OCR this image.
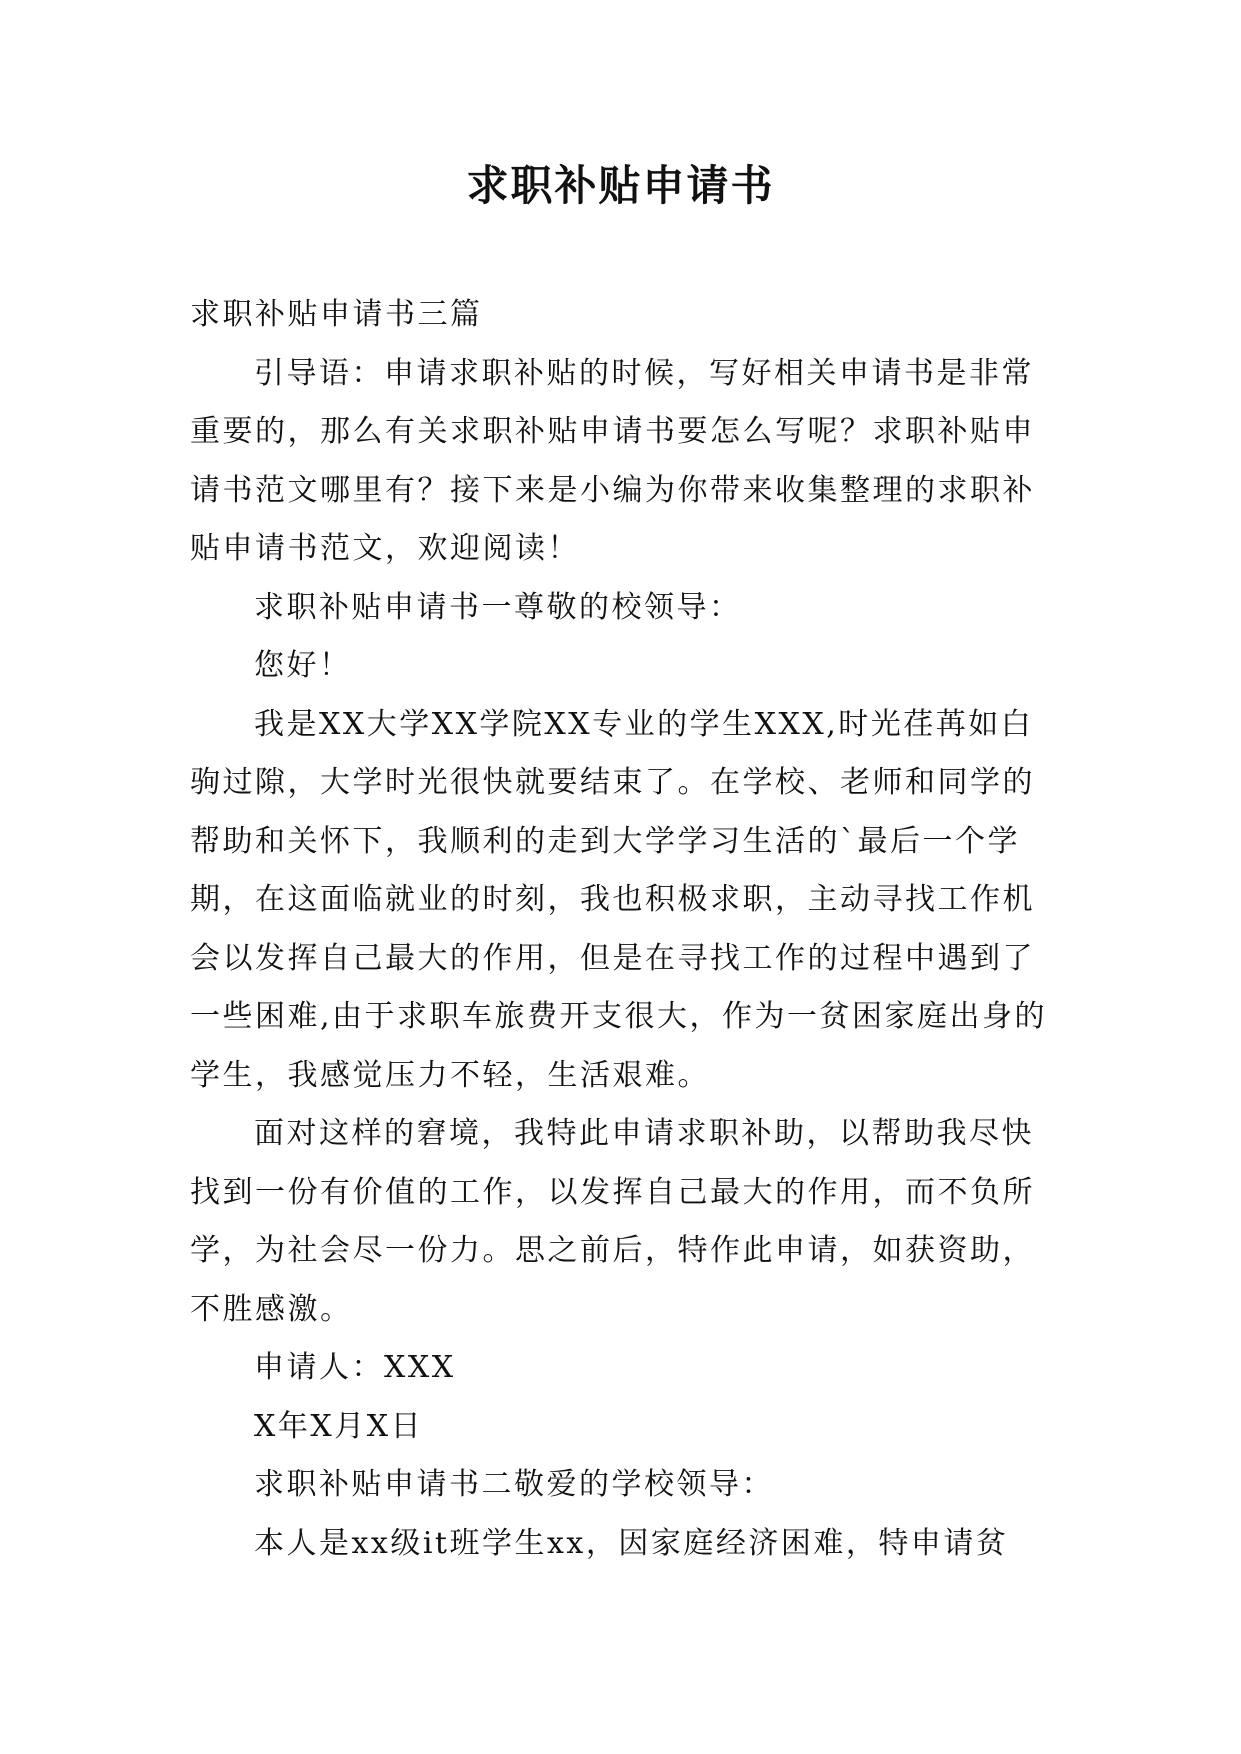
求职补贴申请书

求职补贴申请书三篇

引导语：申请求职补贴的时候，写好相关申请书是非常重要的，那么有关求职补贴申请书要怎么写呢？求职补贴申请书范文哪里有？接下来是小编为你带来收集整理的求职补贴申请书范文，欢迎阅读！

求职补贴申请书一尊敬的校领导：

您好！

我是XX大学XX学院XX专业的学生XXX,时光荏苒如白驹过隙，大学时光很快就要结束了。在学校、老师和同学的帮助和关怀下，我顺利的走到大学学习生活的`最后一个学期，在这面临就业的时刻，我也积极求职，主动寻找工作机会以发挥自己最大的作用，但是在寻找工作的过程中遇到了一些困难,由于求职车旅费开支很大，作为一贫困家庭出身的学生，我感觉压力不轻，生活艰难。

面对这样的窘境，我特此申请求职补助，以帮助我尽快找到一份有价值的工作，以发挥自己最大的作用，而不负所学，为社会尽一份力。思之前后，特作此申请，如获资助，不胜感激。

申请人：XXX

X年X月X日

求职补贴申请书二敬爱的学校领导：

本人是xx级it班学生xx，因家庭经济困难，特申请贫
